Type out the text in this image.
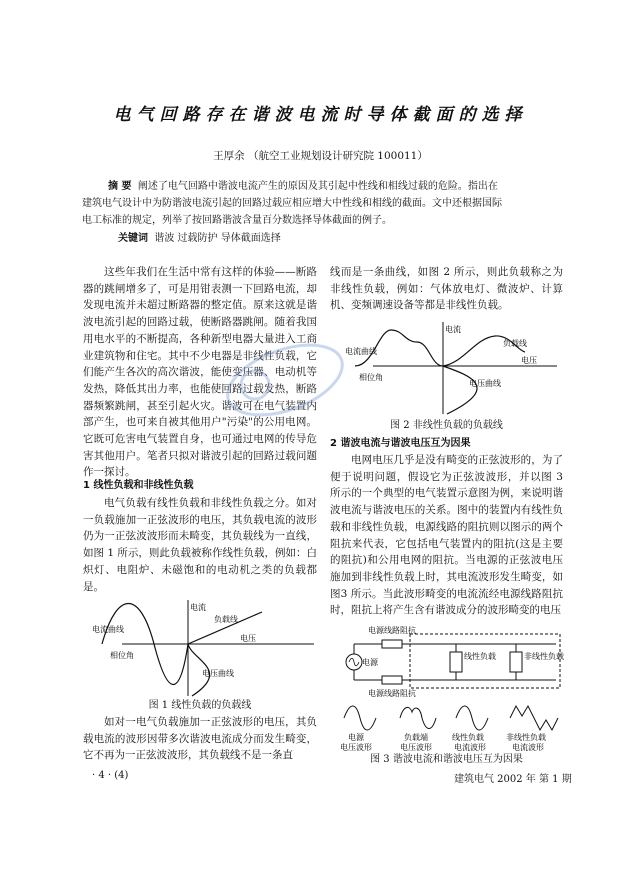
电气回路存在谐波电流时导体截面的选择
王厚余 （航空工业规划设计研究院 100011）
摘 要 阐述了电气回路中谐波电流产生的原因及其引起中性线和相线过载的危险。指出在
建筑电气设计中为防谐波电流引起的回路过载应相应增大中性线和相线的截面。文中还根据国际
电工标准的规定，列举了按回路谐波含量百分数选择导体截面的例子。
关键词 谐波 过载防护 导体截面选择

这些年我们在生活中常有这样的体验——断路器的跳闸增多了，可是用钳表测一下回路电流，却发现电流并未超过断路器的整定值。原来这就是谐波电流引起的回路过载，使断路器跳闸。随着我国用电水平的不断提高，各种新型电器大量进入工商业建筑物和住宅。其中不少电器是非线性负载，它们能产生各次的高次谐波，能使变压器、电动机等发热，降低其出力率，也能使回路过载发热，断路器频繁跳闸，甚至引起火灾。谐波可在电气装置内部产生，也可来自被其他用户"污染"的公用电网。它既可危害电气装置自身，也可通过电网的传导危害其他用户。笔者只拟对谐波引起的回路过载问题作一探讨。

1 线性负载和非线性负载

电气负载有线性负载和非线性负载之分。如对一负载施加一正弦波形的电压，其负载电流的波形仍为一正弦波波形而未畸变，其负载线为一直线，如图 1 所示，则此负载被称作线性负载，例如：白炽灯、电阻炉、未磁饱和的电动机之类的负载都是。

电流曲线
电压
负载线
相位角
电压曲线
电流
图 1 线性负载的负载线

如对一电气负载施加一正弦波形的电压，其负载电流的波形因带多次谐波电流成分而发生畸变，它不再为一正弦波波形，其负载线不是一条直

线而是一条曲线，如图 2 所示，则此负载称之为非线性负载，例如：气体放电灯、微波炉、计算机、变频调速设备等都是非线性负载。

电流曲线
电压
负载线
相位角
电压曲线
电流
图 2 非线性负载的负载线
2 谐波电流与谐波电压互为因果

电网电压几乎是没有畸变的正弦波形的，为了便于说明问题，假设它为正弦波波形，并以图 3 所示的一个典型的电气装置示意图为例，来说明谐波电流与谐波电压的关系。图中的装置内有线性负载和非线性负载，电源线路的阻抗则以图示的两个阻抗来代表，它包括电气装置内的阻抗(这是主要的阻抗)和公用电网的阻抗。当电源的正弦波电压施加到非线性负载上时，其电流波形发生畸变，如图3 所示。当此波形畸变的电流流经电源线路阻抗时，阻抗上将产生含有谐波成分的波形畸变的电压

电源线路阻抗
电源
电源线路阻抗
线性负载	非线性负载
电源
电压波形
负载端
电压波形
线性负载
电流波形
非线性负载
电流波形
图 3 谐波电流和谐波电压互为因果
· 4 · (4)	建筑电气 2002 年 第 1 期
